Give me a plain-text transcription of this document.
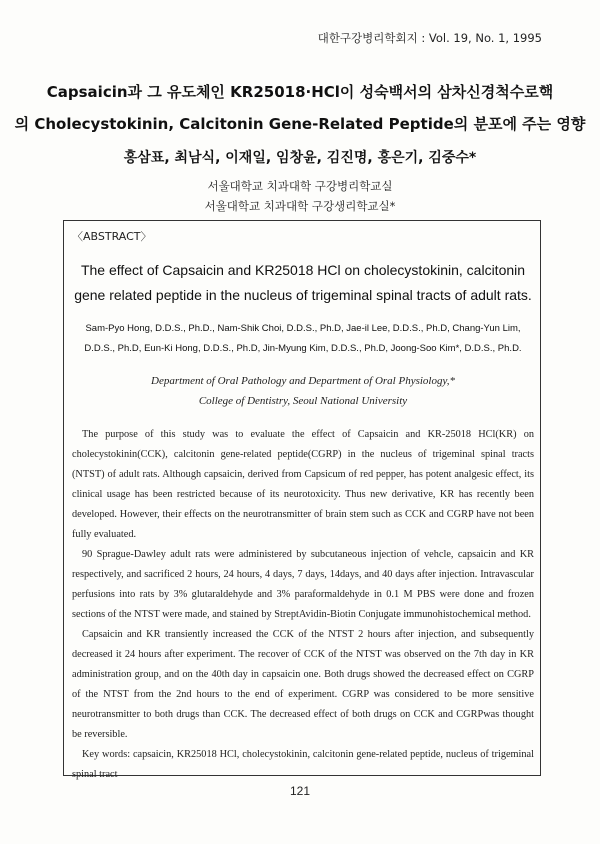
대한구강병리학회지 : Vol. 19, No. 1, 1995
Capsaicin과 그 유도체인 KR25018·HCl이 성숙백서의 삼차신경척수로핵
의 Cholecystokinin, Calcitonin Gene-Related Peptide의 분포에 주는 영향
홍삼표, 최남식, 이재일, 임창윤, 김진명, 홍은기, 김중수*
서울대학교 치과대학 구강병리학교실
서울대학교 치과대학 구강생리학교실*
〈ABSTRACT〉
The effect of Capsaicin and KR25018 HCl on cholecystokinin, calcitonin
gene related peptide in the nucleus of trigeminal spinal tracts of adult rats.
Sam-Pyo Hong, D.D.S., Ph.D., Nam-Shik Choi, D.D.S., Ph.D, Jae-il Lee, D.D.S., Ph.D, Chang-Yun Lim,
D.D.S., Ph.D, Eun-Ki Hong, D.D.S., Ph.D, Jin-Myung Kim, D.D.S., Ph.D, Joong-Soo Kim*, D.D.S., Ph.D.
Department of Oral Pathology and Department of Oral Physiology,*
College of Dentistry, Seoul National University

The purpose of this study was to evaluate the effect of Capsaicin and KR-25018 HCl(KR) on cholecystokinin(CCK), calcitonin gene-related peptide(CGRP) in the nucleus of trigeminal spinal tracts (NTST) of adult rats. Although capsaicin, derived from Capsicum of red pepper, has potent analgesic effect, its clinical usage has been restricted because of its neurotoxicity. Thus new derivative, KR has recently been developed. However, their effects on the neurotransmitter of brain stem such as CCK and CGRP have not been fully evaluated.

90 Sprague-Dawley adult rats were administered by subcutaneous injection of vehcle, capsaicin and KR respectively, and sacrificed 2 hours, 24 hours, 4 days, 7 days, 14days, and 40 days after injection. Intravascular perfusions into rats by 3% glutaraldehyde and 3% paraformaldehyde in 0.1 M PBS were done and frozen sections of the NTST were made, and stained by StreptAvidin-Biotin Conjugate immunohistochemical method.

Capsaicin and KR transiently increased the CCK of the NTST 2 hours after injection, and subsequently decreased it 24 hours after experiment. The recover of CCK of the NTST was observed on the 7th day in KR administration group, and on the 40th day in capsaicin one. Both drugs showed the decreased effect on CGRP of the NTST from the 2nd hours to the end of experiment. CGRP was considered to be more sensitive neurotransmitter to both drugs than CCK. The decreased effect of both drugs on CCK and CGRPwas thought be reversible.

Key words: capsaicin, KR25018 HCl, cholecystokinin, calcitonin gene-related peptide, nucleus of trigeminal spinal tract

121
